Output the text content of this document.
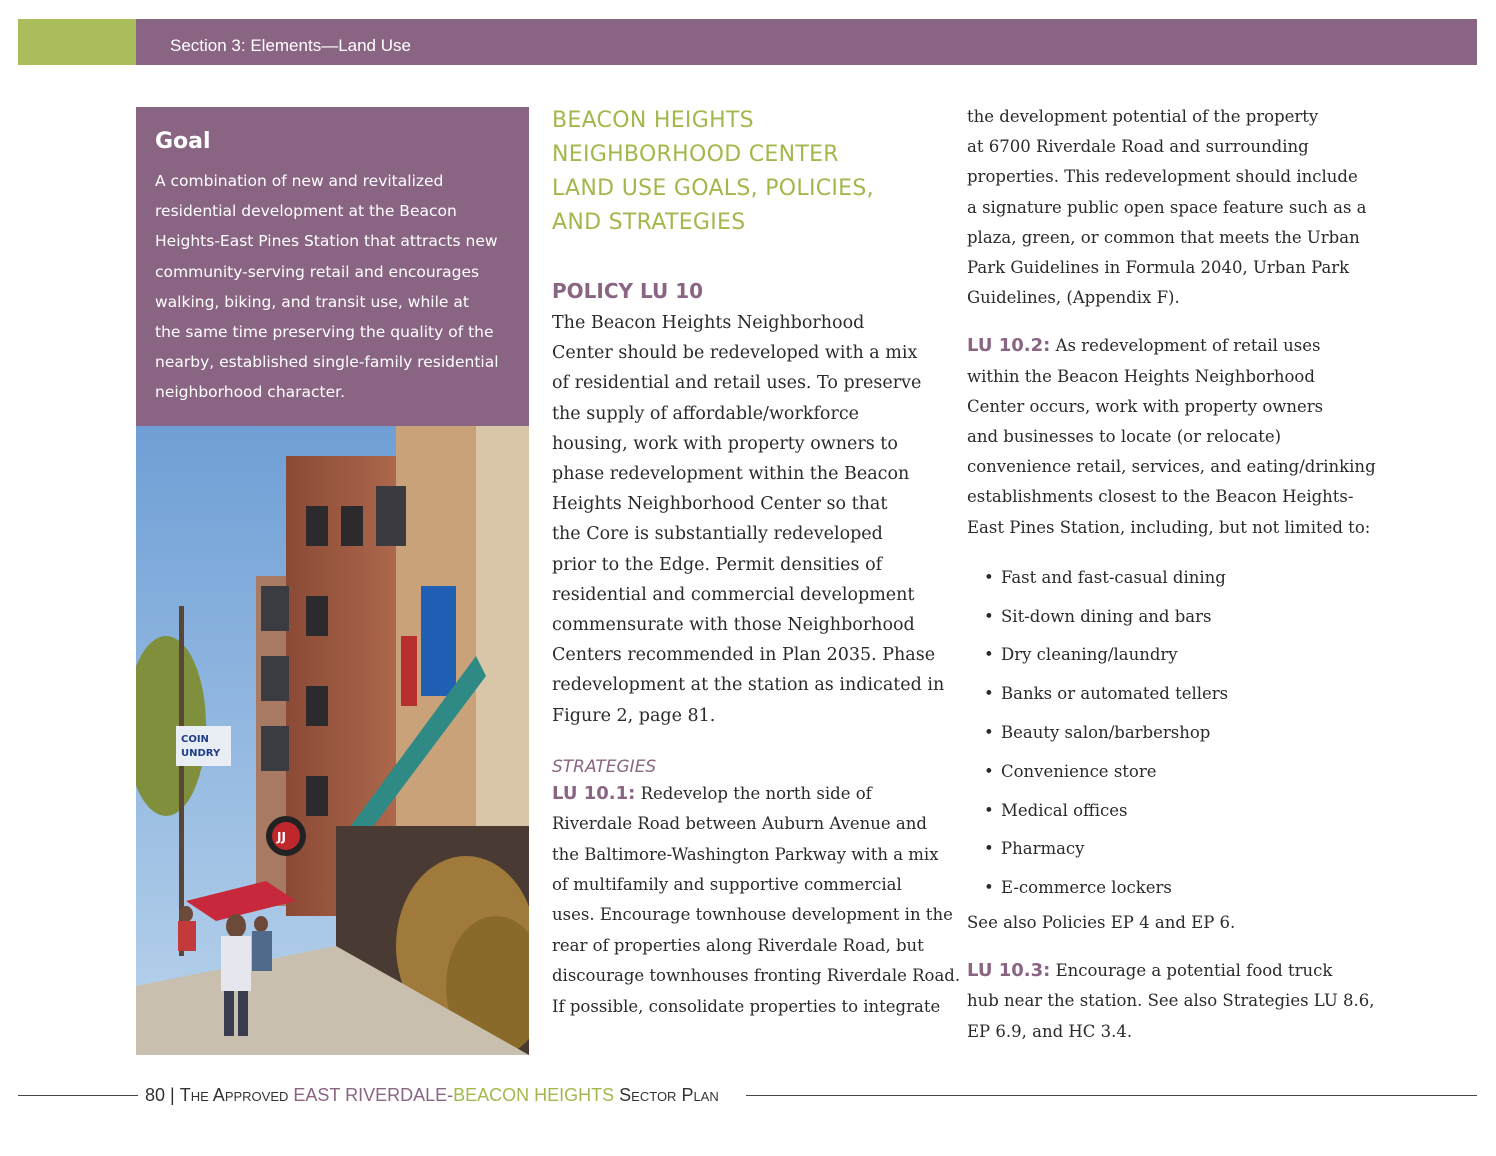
Section 3: Elements—Land Use
Goal
A combination of new and revitalized
residential development at the Beacon
Heights-East Pines Station that attracts new
community-serving retail and encourages
walking, biking, and transit use, while at
the same time preserving the quality of the
nearby, established single-family residential
neighborhood character.
COIN
UNDRY
JJ
BEACON HEIGHTS
NEIGHBORHOOD CENTER
LAND USE GOALS, POLICIES,
AND STRATEGIES
POLICY LU 10
The Beacon Heights Neighborhood
Center should be redeveloped with a mix
of residential and retail uses. To preserve
the supply of affordable/workforce
housing, work with property owners to
phase redevelopment within the Beacon
Heights Neighborhood Center so that
the Core is substantially redeveloped
prior to the Edge. Permit densities of
residential and commercial development
commensurate with those Neighborhood
Centers recommended in Plan 2035. Phase
redevelopment at the station as indicated in
Figure 2, page 81.
STRATEGIES
LU 10.1: Redevelop the north side of
Riverdale Road between Auburn Avenue and
the Baltimore-Washington Parkway with a mix
of multifamily and supportive commercial
uses. Encourage townhouse development in the
rear of properties along Riverdale Road, but
discourage townhouses fronting Riverdale Road.
If possible, consolidate properties to integrate
the development potential of the property
at 6700 Riverdale Road and surrounding
properties. This redevelopment should include
a signature public open space feature such as a
plaza, green, or common that meets the Urban
Park Guidelines in Formula 2040, Urban Park
Guidelines, (Appendix F).
LU 10.2: As redevelopment of retail uses
within the Beacon Heights Neighborhood
Center occurs, work with property owners
and businesses to locate (or relocate)
convenience retail, services, and eating/drinking
establishments closest to the Beacon Heights-
East Pines Station, including, but not limited to:
• Fast and fast-casual dining
• Sit-down dining and bars
• Dry cleaning/laundry
• Banks or automated tellers
• Beauty salon/barbershop
• Convenience store
• Medical offices
• Pharmacy
• E-commerce lockers
See also Policies EP 4 and EP 6.
LU 10.3: Encourage a potential food truck
hub near the station. See also Strategies LU 8.6,
EP 6.9, and HC 3.4.
80 | The Approved EAST RIVERDALE-BEACON HEIGHTS Sector Plan
